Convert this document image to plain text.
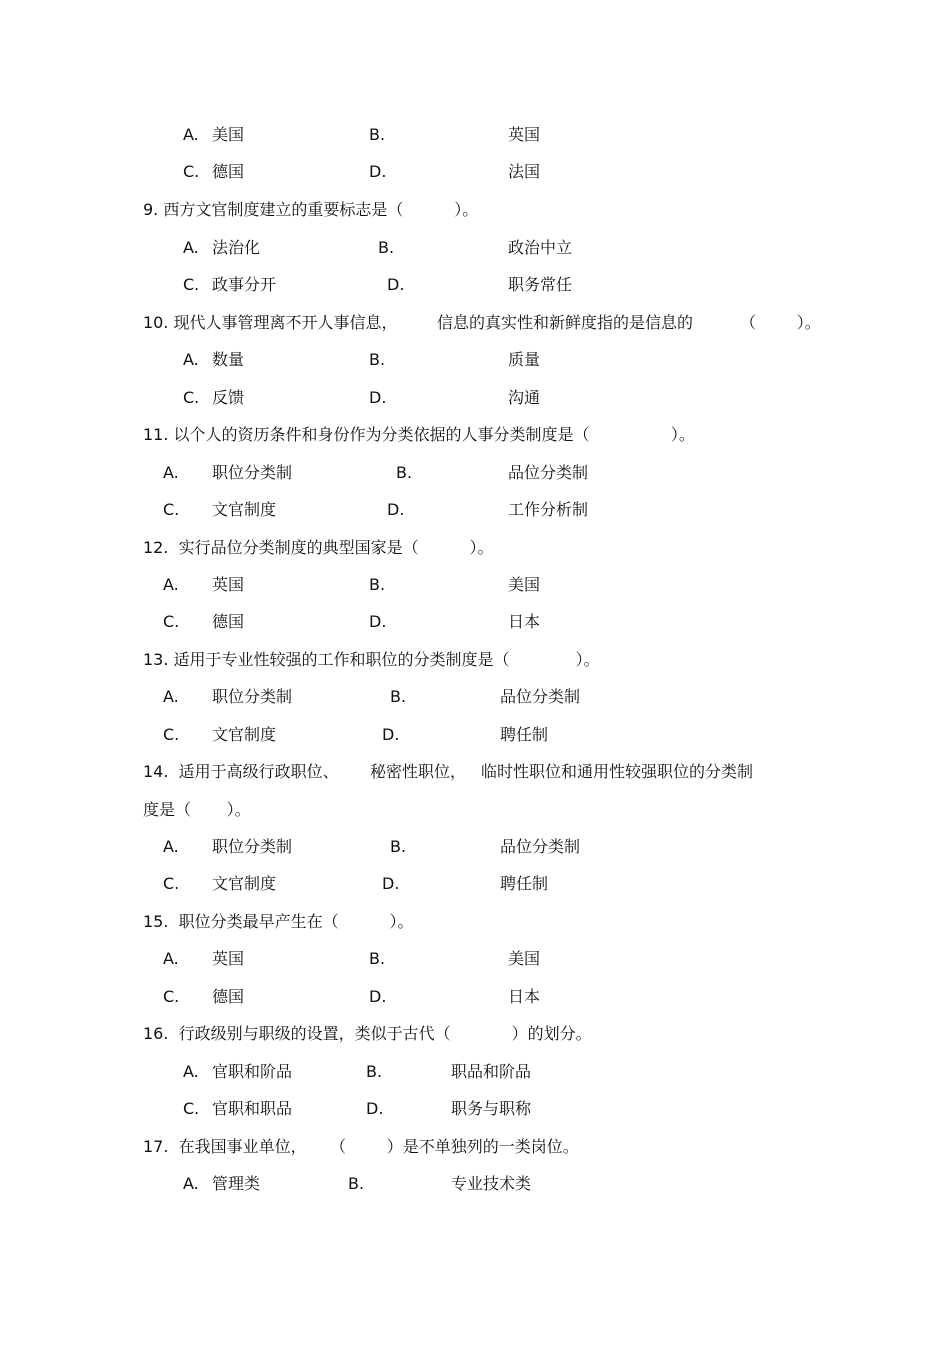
A. 美国	B.	英国
C. 德国	D.	法国
9. 西方文官制度建立的重要标志是（          ）。
A. 法治化	B.	政治中立
C. 政事分开	D.	职务常任
10. 现代人事管理离不开人事信息， 信息的真实性和新鲜度指的是信息的	（        ）。
A. 数量	B.	质量
C. 反馈	D.	沟通
11. 以个人的资历条件和身份作为分类依据的人事分类制度是（                ）。
A. 职位分类制	B.	品位分类制
C. 文官制度	D.	工作分析制
12.  实行品位分类制度的典型国家是（          ）。
A. 英国	B.	美国
C. 德国	D.	日本
13. 适用于专业性较强的工作和职位的分类制度是（             ）。
A. 职位分类制	B.	品位分类制
C. 文官制度	D.	聘任制
14.  适用于高级行政职位、 秘密性职位， 临时性职位和通用性较强职位的分类制
度是（       ）。
A. 职位分类制	B.	品位分类制
C. 文官制度	D.	聘任制
15.  职位分类最早产生在（          ）。
A. 英国	B.	美国
C. 德国	D.	日本
16.  行政级别与职级的设置，类似于古代（            ）的划分。
A. 官职和阶品	B.	职品和阶品
C. 官职和职品	D.	职务与职称
17.  在我国事业单位， （        ）是不单独列的一类岗位。
A. 管理类	B.	专业技术类
